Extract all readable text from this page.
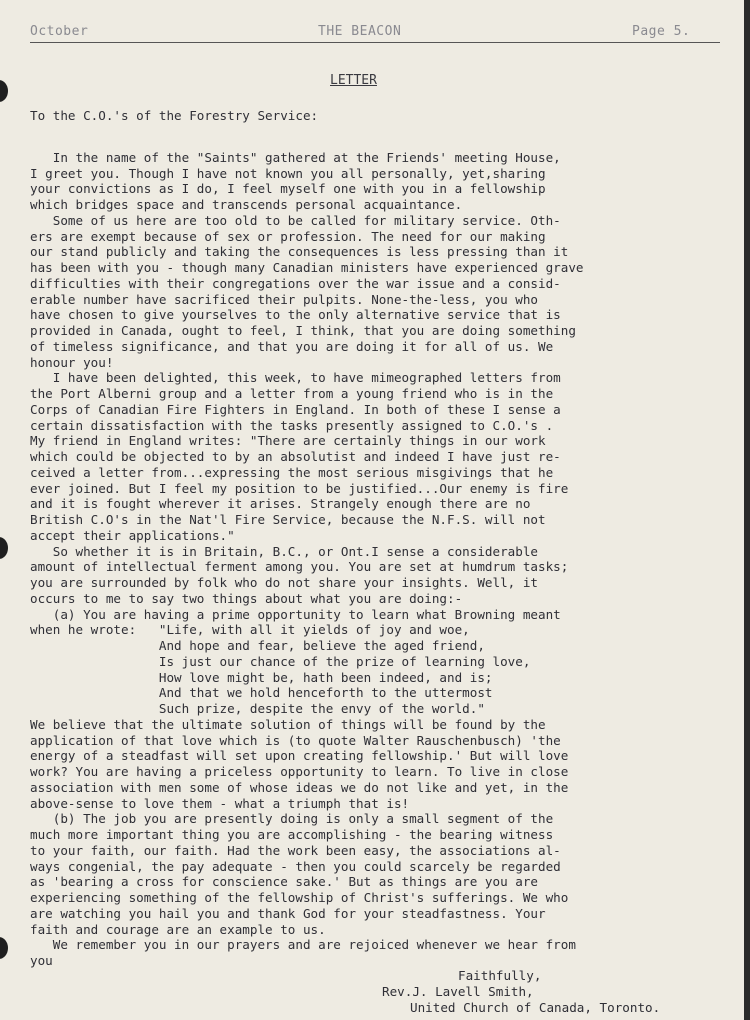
October	THE BEACON	Page 5.
LETTER
To the C.O.'s of the Forestry Service:
In the name of the "Saints" gathered at the Friends' meeting House,
I greet you. Though I have not known you all personally, yet,sharing
your convictions as I do, I feel myself one with you in a fellowship
which bridges space and transcends personal acquaintance.
Some of us here are too old to be called for military service. Oth-
ers are exempt because of sex or profession. The need for our making
our stand publicly and taking the consequences is less pressing than it
has been with you - though many Canadian ministers have experienced grave
difficulties with their congregations over the war issue and a consid-
erable number have sacrificed their pulpits. None-the-less, you who
have chosen to give yourselves to the only alternative service that is
provided in Canada, ought to feel, I think, that you are doing something
of timeless significance, and that you are doing it for all of us. We
honour you!
I have been delighted, this week, to have mimeographed letters from
the Port Alberni group and a letter from a young friend who is in the
Corps of Canadian Fire Fighters in England. In both of these I sense a
certain dissatisfaction with the tasks presently assigned to C.O.'s .
My friend in England writes: "There are certainly things in our work
which could be objected to by an absolutist and indeed I have just re-
ceived a letter from...expressing the most serious misgivings that he
ever joined. But I feel my position to be justified...Our enemy is fire
and it is fought wherever it arises. Strangely enough there are no
British C.O's in the Nat'l Fire Service, because the N.F.S. will not
accept their applications."
So whether it is in Britain, B.C., or Ont.I sense a considerable
amount of intellectual ferment among you. You are set at humdrum tasks;
you are surrounded by folk who do not share your insights. Well, it
occurs to me to say two things about what you are doing:-
(a) You are having a prime opportunity to learn what Browning meant
when he wrote:   "Life, with all it yields of joy and woe,
And hope and fear, believe the aged friend,
Is just our chance of the prize of learning love,
How love might be, hath been indeed, and is;
And that we hold henceforth to the uttermost
Such prize, despite the envy of the world."
We believe that the ultimate solution of things will be found by the
application of that love which is (to quote Walter Rauschenbusch) 'the
energy of a steadfast will set upon creating fellowship.' But will love
work? You are having a priceless opportunity to learn. To live in close
association with men some of whose ideas we do not like and yet, in the
above-sense to love them - what a triumph that is!
(b) The job you are presently doing is only a small segment of the
much more important thing you are accomplishing - the bearing witness
to your faith, our faith. Had the work been easy, the associations al-
ways congenial, the pay adequate - then you could scarcely be regarded
as 'bearing a cross for conscience sake.' But as things are you are
experiencing something of the fellowship of Christ's sufferings. We who
are watching you hail you and thank God for your steadfastness. Your
faith and courage are an example to us.
We remember you in our prayers and are rejoiced whenever we hear from
you
Faithfully,
Rev.J. Lavell Smith,
United Church of Canada, Toronto.
